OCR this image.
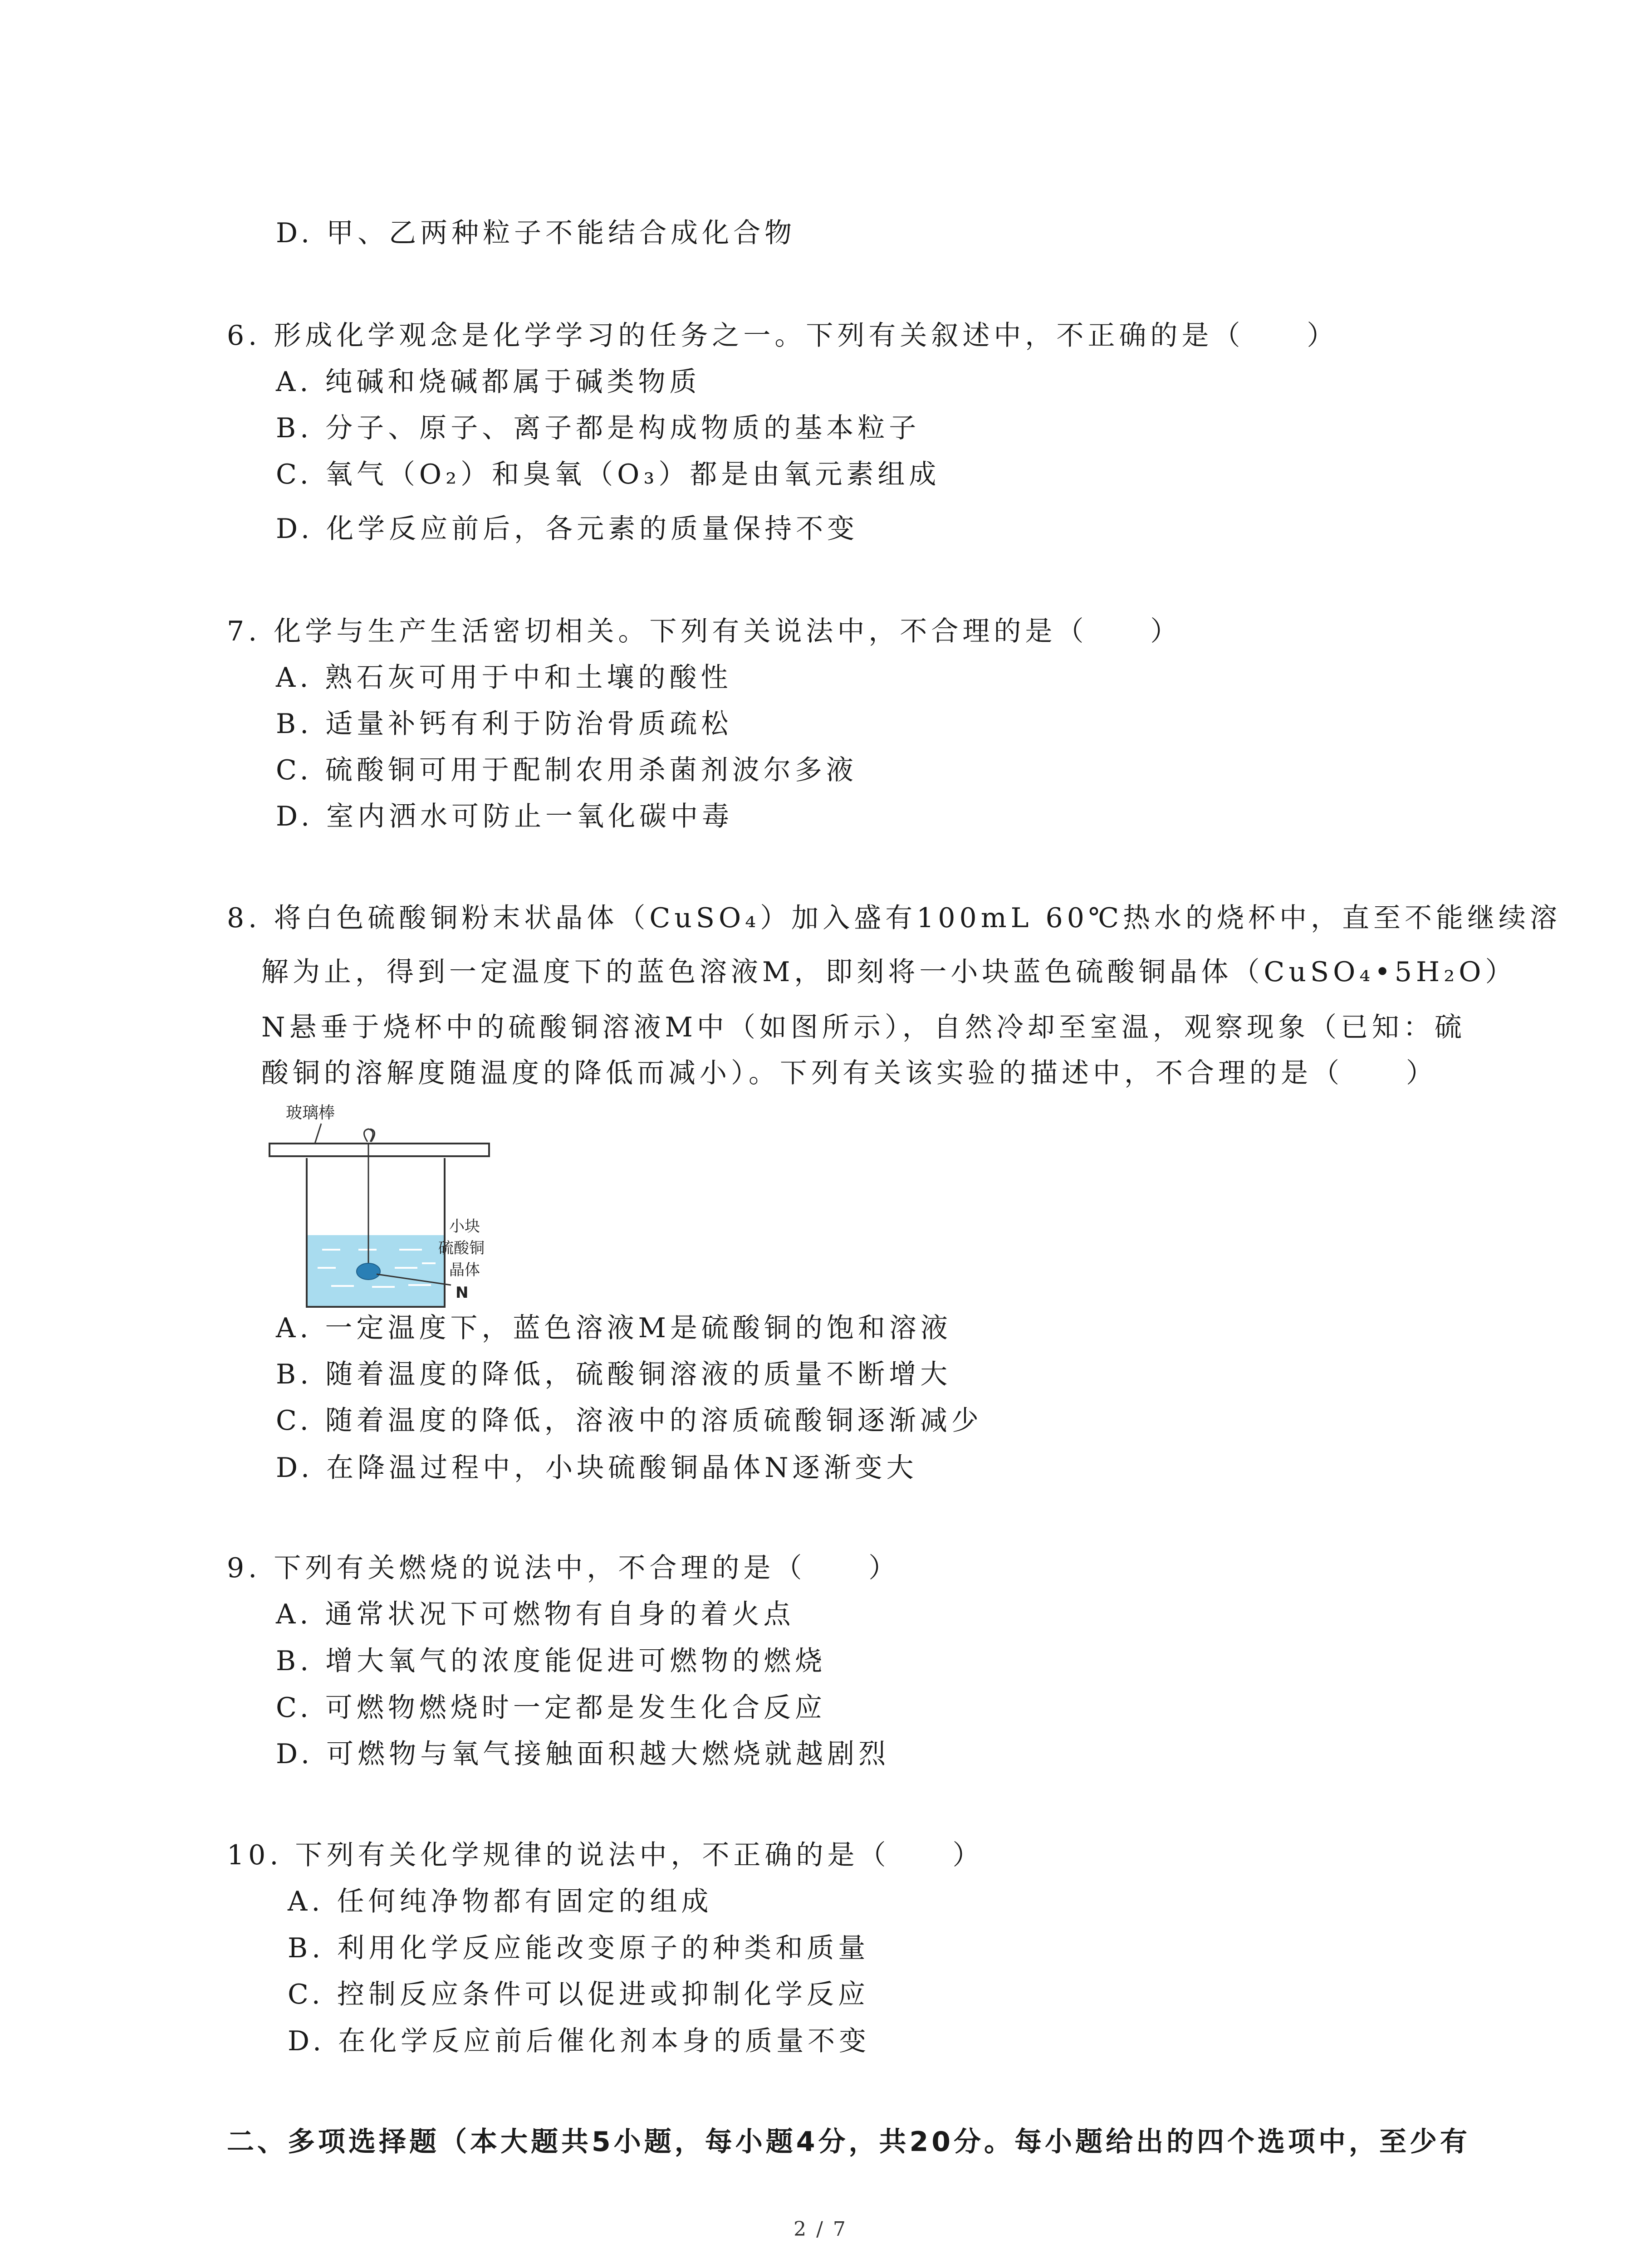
D. 甲、乙两种粒子不能结合成化合物
6. 形成化学观念是化学学习的任务之一。下列有关叙述中，不正确的是（　　）
A. 纯碱和烧碱都属于碱类物质
B. 分子、原子、离子都是构成物质的基本粒子
C. 氧气（O₂）和臭氧（O₃）都是由氧元素组成
D. 化学反应前后，各元素的质量保持不变
7. 化学与生产生活密切相关。下列有关说法中，不合理的是（　　）
A. 熟石灰可用于中和土壤的酸性
B. 适量补钙有利于防治骨质疏松
C. 硫酸铜可用于配制农用杀菌剂波尔多液
D. 室内洒水可防止一氧化碳中毒
8. 将白色硫酸铜粉末状晶体（CuSO₄）加入盛有100mL 60℃热水的烧杯中，直至不能继续溶
解为止，得到一定温度下的蓝色溶液M，即刻将一小块蓝色硫酸铜晶体（CuSO₄•5H₂O）
N悬垂于烧杯中的硫酸铜溶液M中（如图所示），自然冷却至室温，观察现象（已知：硫
酸铜的溶解度随温度的降低而减小）。下列有关该实验的描述中，不合理的是（　　）
玻璃棒
小块
硫酸铜
晶体
N
A. 一定温度下，蓝色溶液M是硫酸铜的饱和溶液
B. 随着温度的降低，硫酸铜溶液的质量不断增大
C. 随着温度的降低，溶液中的溶质硫酸铜逐渐减少
D. 在降温过程中，小块硫酸铜晶体N逐渐变大
9. 下列有关燃烧的说法中，不合理的是（　　）
A. 通常状况下可燃物有自身的着火点
B. 增大氧气的浓度能促进可燃物的燃烧
C. 可燃物燃烧时一定都是发生化合反应
D. 可燃物与氧气接触面积越大燃烧就越剧烈
10. 下列有关化学规律的说法中，不正确的是（　　）
A. 任何纯净物都有固定的组成
B. 利用化学反应能改变原子的种类和质量
C. 控制反应条件可以促进或抑制化学反应
D. 在化学反应前后催化剂本身的质量不变
二、多项选择题（本大题共5小题，每小题4分，共20分。每小题给出的四个选项中，至少有
2 / 7
